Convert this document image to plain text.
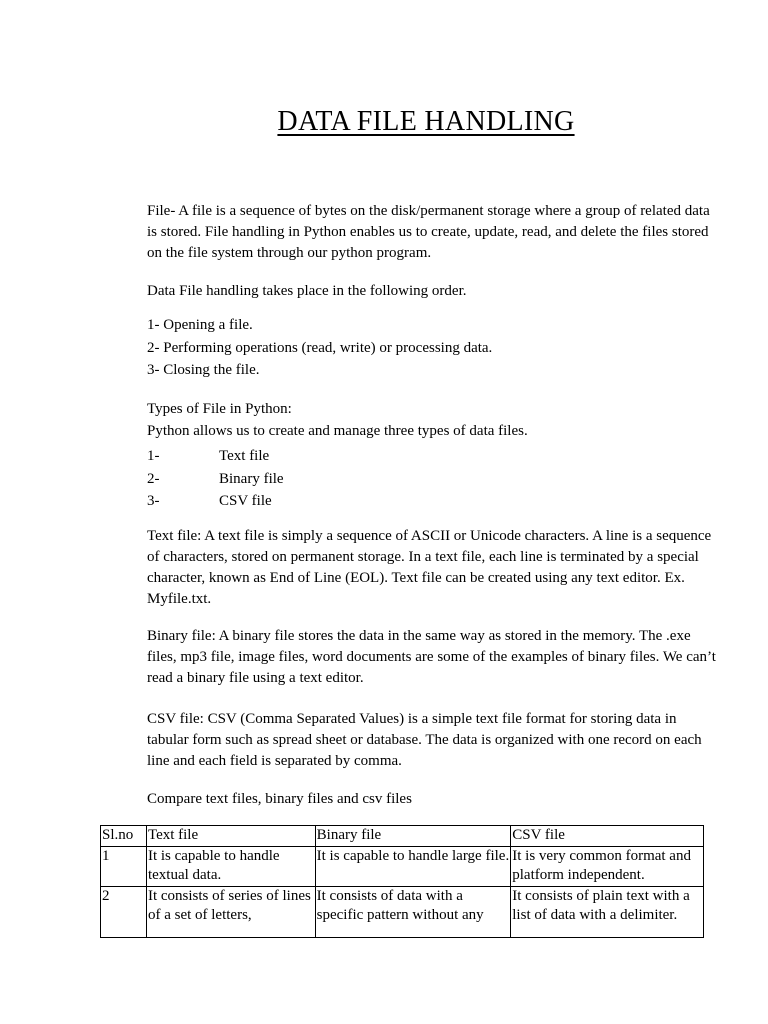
DATA FILE HANDLING

File- A file is a sequence of bytes on the disk/permanent storage where a group of related data is stored. File handling in Python enables us to create, update, read, and delete the files stored on the file system through our python program.

Data File handling takes place in the following order.

1- Opening a file.
2- Performing operations (read, write) or processing data.
3- Closing the file.

Types of File in Python:

Python allows us to create and manage three types of data files.

1-	Text file
2-	Binary file
3-	CSV file

Text file: A text file is simply a sequence of ASCII or Unicode characters. A line is a sequence of characters, stored on permanent storage. In a text file, each line is terminated by a special character, known as End of Line (EOL). Text file can be created using any text editor. Ex. Myfile.txt.

Binary file: A binary file stores the data in the same way as stored in the memory. The .exe files, mp3 file, image files, word documents are some of the examples of binary files. We can’t read a binary file using a text editor.

CSV file: CSV (Comma Separated Values) is a simple text file format for storing data in tabular form such as spread sheet or database. The data is organized with one record on each line and each field is separated by comma.

Compare text files, binary files and csv files

Sl.no	Text file	Binary file	CSV file
1	It is capable to handle textual data.	It is capable to handle large file.	It is very common format and platform independent.
2	It consists of series of lines of a set of letters,	It consists of data with a specific pattern without any	It consists of plain text with a list of data with a delimiter.
